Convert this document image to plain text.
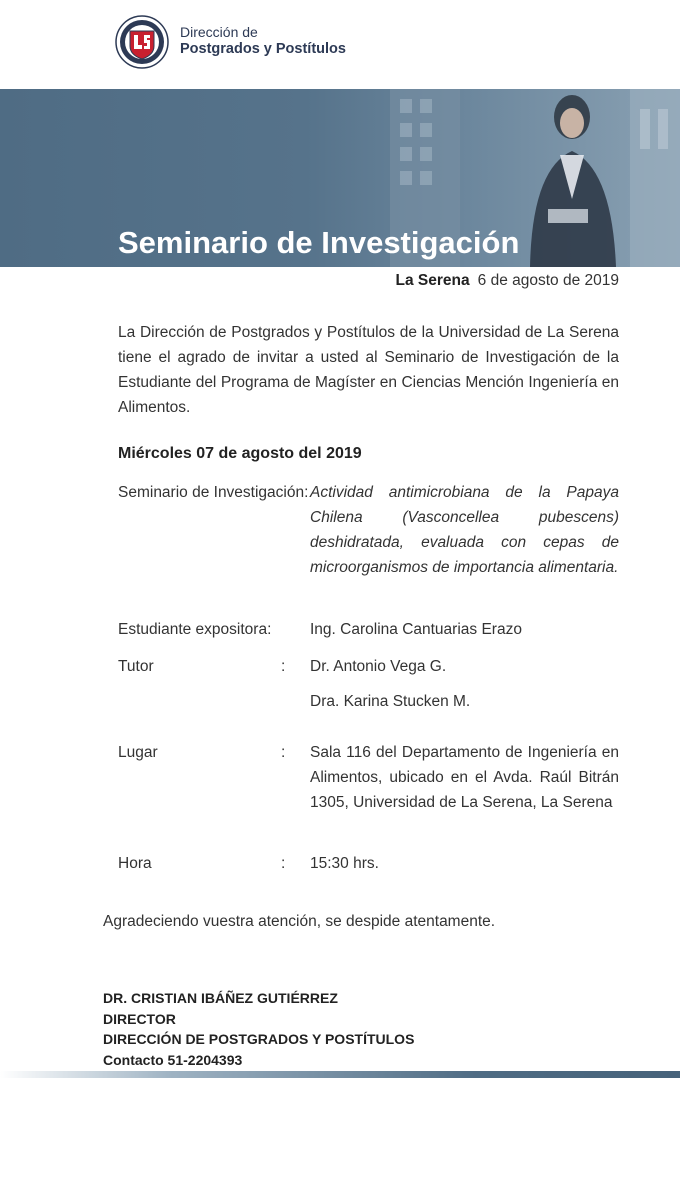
Dirección de
Postgrados y Postítulos
Seminario de Investigación
MAGISTER EN CIENCIAS MENCIÓN INGENIERÍA EN ALIMENTOS
La Serena 6 de agosto de 2019

La Dirección de Postgrados y Postítulos de la Universidad de La Serena tiene el agrado de invitar a usted al Seminario de Investigación de la Estudiante del Programa de Magíster en Ciencias Mención Ingeniería en Alimentos.

Miércoles 07 de agosto del 2019
Seminario de Investigación: Actividad antimicrobiana de la Papaya Chilena (Vasconcellea pubescens) deshidratada, evaluada con cepas de microorganismos de importancia alimentaria.
Estudiante expositora: Ing. Carolina Cantuarias Erazo
Tutor	: Dr. Antonio Vega G.
Dra. Karina Stucken M.
Lugar	: Sala 116 del Departamento de Ingeniería en Alimentos, ubicado en el Avda. Raúl Bitrán 1305, Universidad de La Serena, La Serena
Hora	: 15:30 hrs.
Agradeciendo vuestra atención, se despide atentamente.
DR. CRISTIAN IBÁÑEZ GUTIÉRREZ
DIRECTOR
DIRECCIÓN DE POSTGRADOS Y POSTÍTULOS
Contacto 51-2204393
